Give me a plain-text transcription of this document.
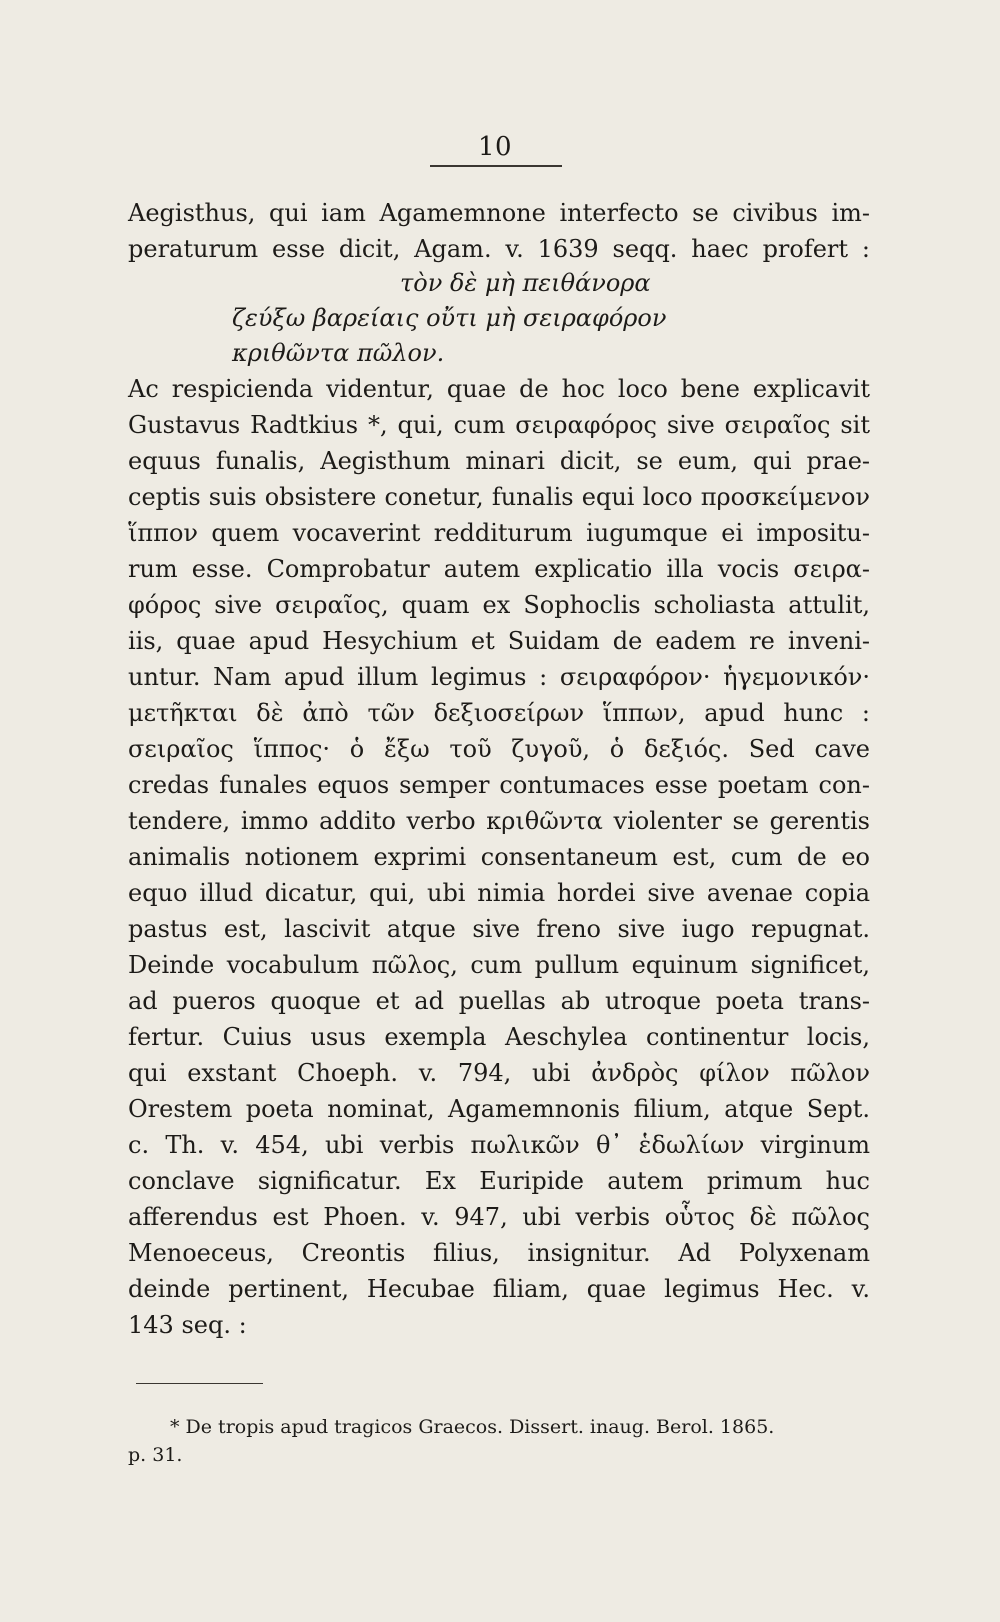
10
Aegisthus, qui iam Agamemnone interfecto se civibus im-
peraturum esse dicit, Agam. v. 1639 seqq. haec profert :
τὸν δὲ μὴ πειθάνορα
ζεύξω βαρείαις οὔτι μὴ σειραφόρον
κριθῶντα πῶλον.
Ac respicienda videntur, quae de hoc loco bene explicavit
Gustavus Radtkius *, qui, cum σειραφόρος sive σειραῖος sit
equus funalis, Aegisthum minari dicit, se eum, qui prae-
ceptis suis obsistere conetur, funalis equi loco προσκείμενον
ἵππον quem vocaverint redditurum iugumque ei impositu-
rum esse. Comprobatur autem explicatio illa vocis σειρα-
φόρος sive σειραῖος, quam ex Sophoclis scholiasta attulit,
iis, quae apud Hesychium et Suidam de eadem re inveni-
untur. Nam apud illum legimus : σειραφόρον· ἡγεμονικόν·
μετῆκται δὲ ἀπὸ τῶν δεξιοσείρων ἵππων, apud hunc :
σειραῖος ἵππος· ὁ ἔξω τοῦ ζυγοῦ, ὁ δεξιός. Sed cave
credas funales equos semper contumaces esse poetam con-
tendere, immo addito verbo κριθῶντα violenter se gerentis
animalis notionem exprimi consentaneum est, cum de eo
equo illud dicatur, qui, ubi nimia hordei sive avenae copia
pastus est, lascivit atque sive freno sive iugo repugnat.
Deinde vocabulum πῶλος, cum pullum equinum significet,
ad pueros quoque et ad puellas ab utroque poeta trans-
fertur. Cuius usus exempla Aeschylea continentur locis,
qui exstant Choeph. v. 794, ubi ἀνδρὸς φίλον πῶλον
Orestem poeta nominat, Agamemnonis filium, atque Sept.
c. Th. v. 454, ubi verbis πωλικῶν θ᾽ ἑδωλίων virginum
conclave significatur. Ex Euripide autem primum huc
afferendus est Phoen. v. 947, ubi verbis οὗτος δὲ πῶλος
Menoeceus, Creontis filius, insignitur. Ad Polyxenam
deinde pertinent, Hecubae filiam, quae legimus Hec. v.
143 seq. :
* De tropis apud tragicos Graecos. Dissert. inaug. Berol. 1865.
p. 31.
